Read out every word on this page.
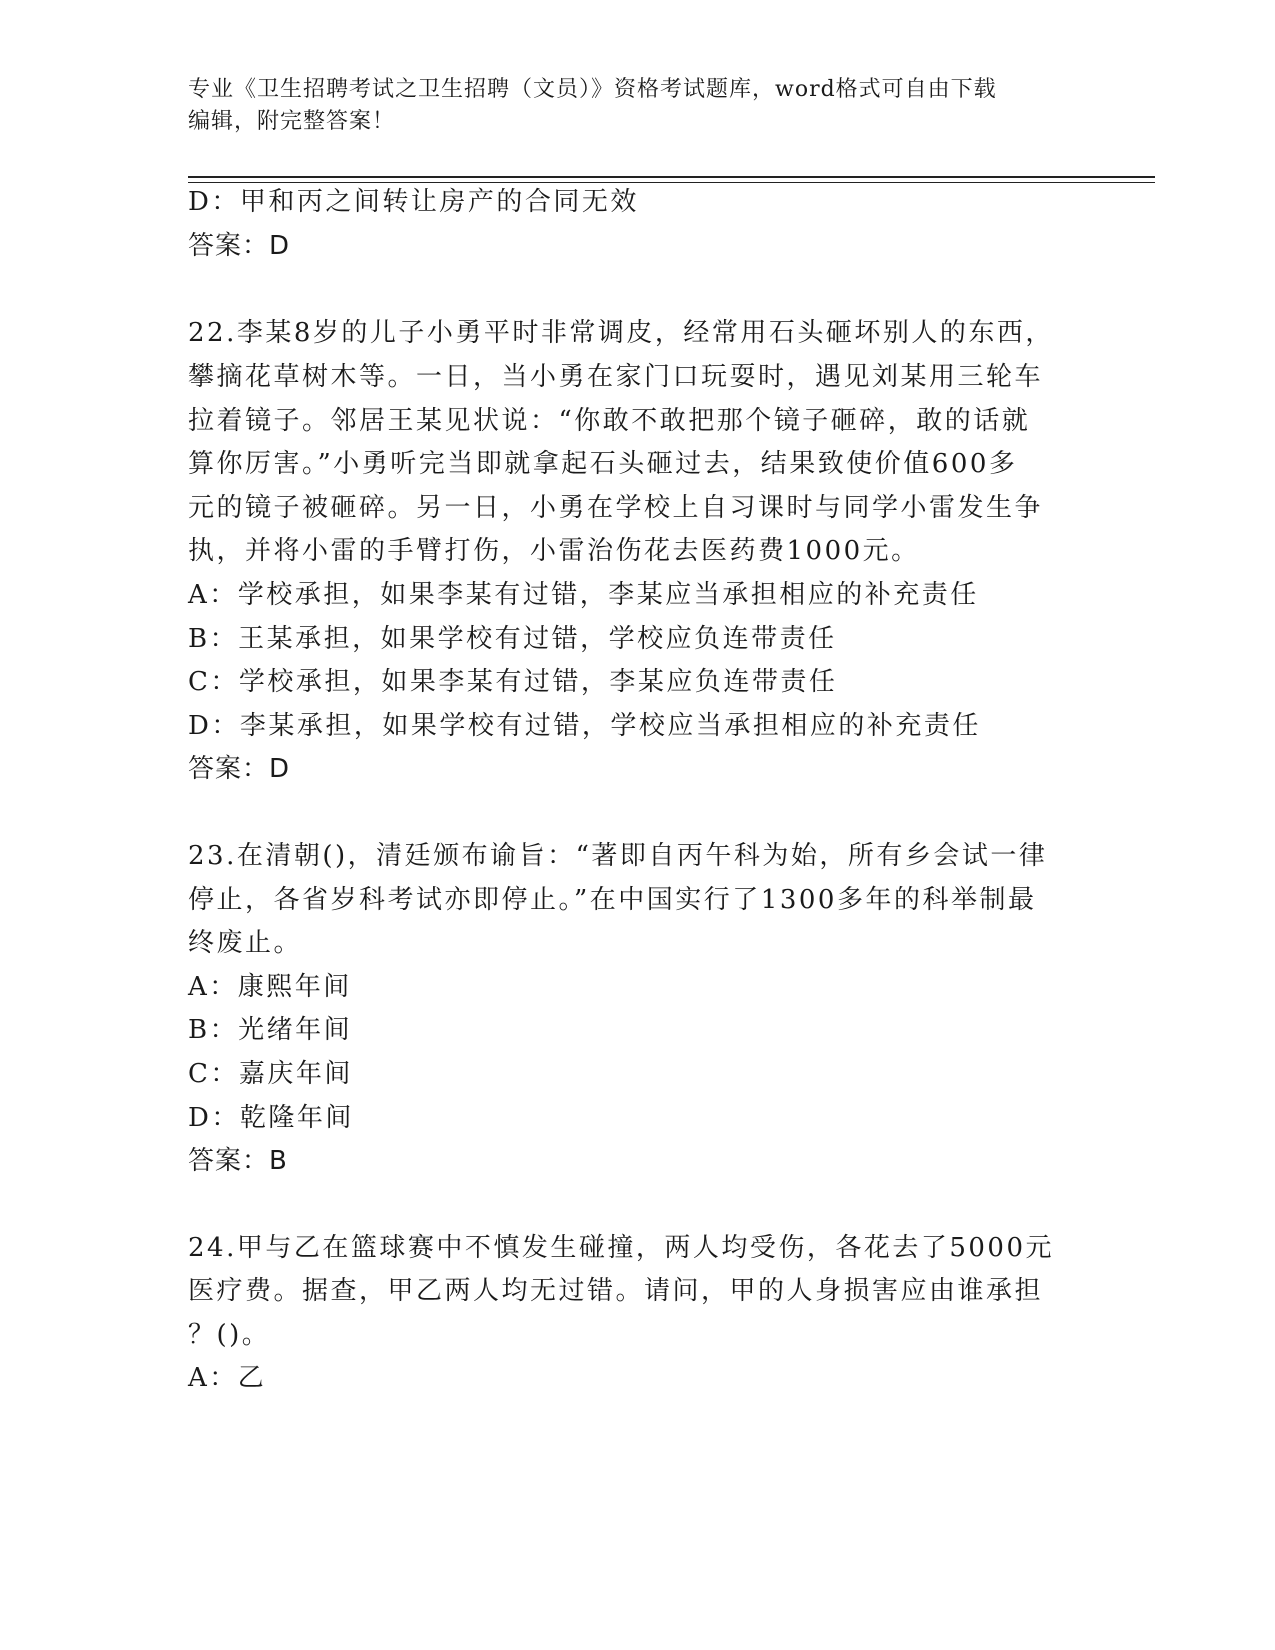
专业《卫生招聘考试之卫生招聘（文员）》资格考试题库，word格式可自由下载
编辑，附完整答案！
D：甲和丙之间转让房产的合同无效
答案：D
22.李某8岁的儿子小勇平时非常调皮，经常用石头砸坏别人的东西，
攀摘花草树木等。一日，当小勇在家门口玩耍时，遇见刘某用三轮车
拉着镜子。邻居王某见状说：“你敢不敢把那个镜子砸碎，敢的话就
算你厉害。”小勇听完当即就拿起石头砸过去，结果致使价值600多
元的镜子被砸碎。另一日，小勇在学校上自习课时与同学小雷发生争
执，并将小雷的手臂打伤，小雷治伤花去医药费1000元。
A：学校承担，如果李某有过错，李某应当承担相应的补充责任
B：王某承担，如果学校有过错，学校应负连带责任
C：学校承担，如果李某有过错，李某应负连带责任
D：李某承担，如果学校有过错，学校应当承担相应的补充责任
答案：D
23.在清朝()，清廷颁布谕旨：“著即自丙午科为始，所有乡会试一律
停止，各省岁科考试亦即停止。”在中国实行了1300多年的科举制最
终废止。
A：康熙年间
B：光绪年间
C：嘉庆年间
D：乾隆年间
答案：B
24.甲与乙在篮球赛中不慎发生碰撞，两人均受伤，各花去了5000元
医疗费。据查，甲乙两人均无过错。请问，甲的人身损害应由谁承担
？()。
A：乙
